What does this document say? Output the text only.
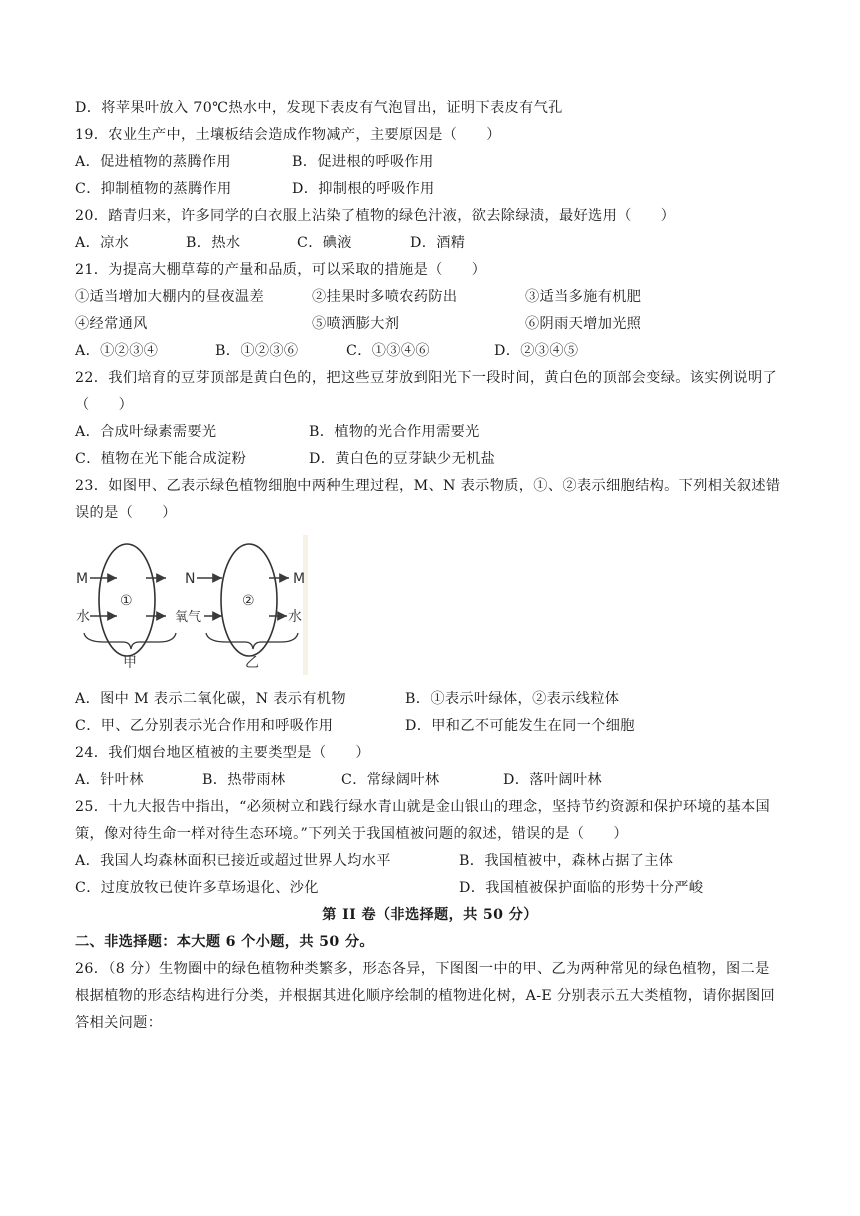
D．将苹果叶放入 70℃热水中，发现下表皮有气泡冒出，证明下表皮有气孔
19．农业生产中，土壤板结会造成作物减产，主要原因是（　　）
A．促进植物的蒸腾作用	B．促进根的呼吸作用
C．抑制植物的蒸腾作用	D．抑制根的呼吸作用
20．踏青归来，许多同学的白衣服上沾染了植物的绿色汁液，欲去除绿渍，最好选用（　　）
A．凉水	B．热水	C．碘液	D．酒精
21．为提高大棚草莓的产量和品质，可以采取的措施是（　　）
①适当增加大棚内的昼夜温差	②挂果时多喷农药防出	③适当多施有机肥
④经常通风	⑤喷洒膨大剂	⑥阴雨天增加光照
A．①②③④	B．①②③⑥	C．①③④⑥	D．②③④⑤
22．我们培育的豆芽顶部是黄白色的，把这些豆芽放到阳光下一段时间，黄白色的顶部会变绿。该实例说明了
（　　）
A．合成叶绿素需要光	B．植物的光合作用需要光
C．植物在光下能合成淀粉	D．黄白色的豆芽缺少无机盐
23．如图甲、乙表示绿色植物细胞中两种生理过程，M、N 表示物质，①、②表示细胞结构。下列相关叙述错
误的是（　　）
M
水
①
N
氧气
②
M
水
甲	乙
A．图中 M 表示二氧化碳，N 表示有机物	B．①表示叶绿体，②表示线粒体
C．甲、乙分别表示光合作用和呼吸作用	D．甲和乙不可能发生在同一个细胞
24．我们烟台地区植被的主要类型是（　　）
A．针叶林	B．热带雨林	C．常绿阔叶林	D．落叶阔叶林
25．十九大报告中指出，“必须树立和践行绿水青山就是金山银山的理念，坚持节约资源和保护环境的基本国
策，像对待生命一样对待生态环境。”下列关于我国植被问题的叙述，错误的是（　　）
A．我国人均森林面积已接近或超过世界人均水平	B．我国植被中，森林占据了主体
C．过度放牧已使许多草场退化、沙化	D．我国植被保护面临的形势十分严峻
第 II 卷（非选择题，共 50 分）
二、非选择题：本大题 6 个小题，共 50 分。
26．（8 分）生物圈中的绿色植物种类繁多，形态各异，下图图一中的甲、乙为两种常见的绿色植物，图二是
根据植物的形态结构进行分类，并根据其进化顺序绘制的植物进化树，A-E 分别表示五大类植物，请你据图回
答相关问题：
